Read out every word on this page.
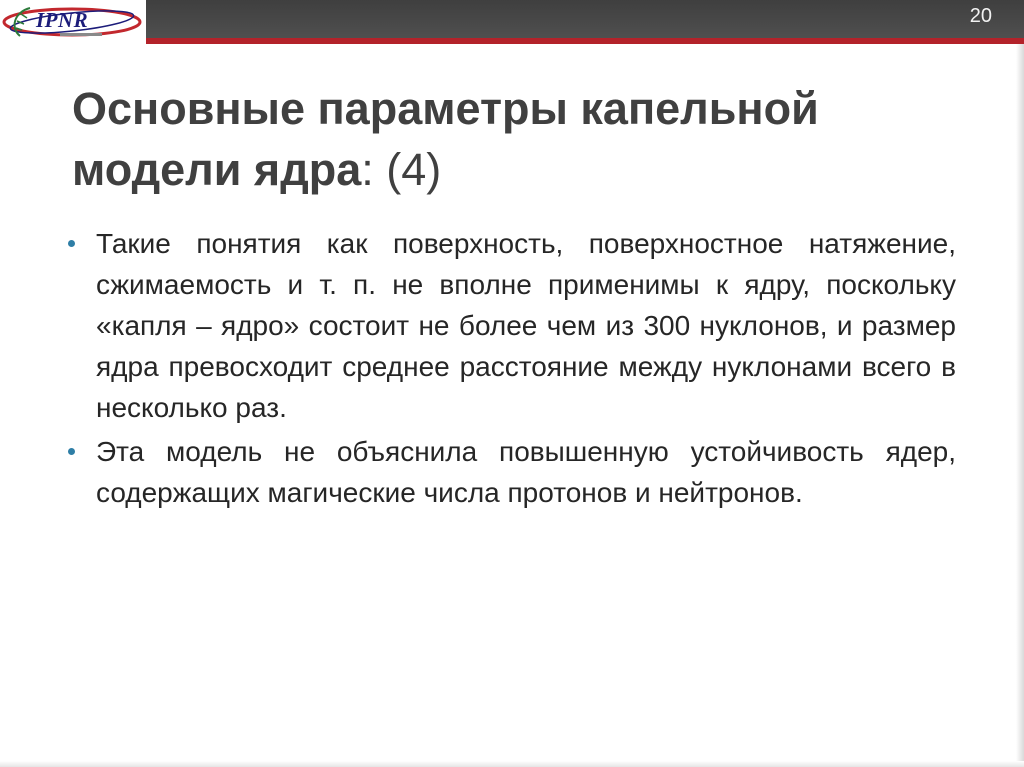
IPNR	20
Основные параметры капельной модели ядра: (4)
Такие понятия как поверхность, поверхностное натяжение, сжимаемость и т. п. не вполне применимы к ядру, поскольку «капля – ядро» состоит не более чем из 300 нуклонов, и размер ядра превосходит среднее расстояние между нуклонами всего в несколько раз.
Эта модель не объяснила повышенную устойчивость ядер, содержащих магические числа протонов и нейтронов.
